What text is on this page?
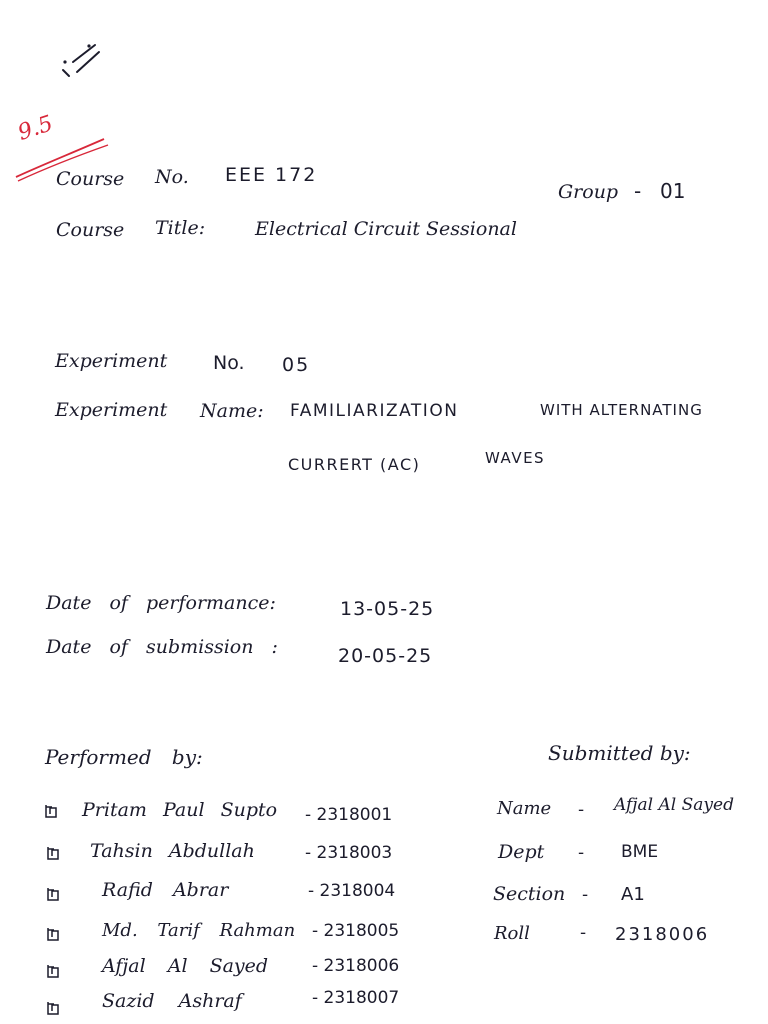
9.5
Course No. EEE 172
Group - 01
Course Title:	Electrical Circuit Sessional
Experiment No. 05
Experiment Name: FAMILIARIZATION	WITH ALTERNATING
CURRERT (AC)	WAVES
Date of performance:	13-05-25
Date of submission :	20-05-25
Performed by:
Pritam Paul Supto - 2318001
Tahsin Abdullah	- 2318003
Rafid Abrar	- 2318004
Md. Tarif Rahman - 2318005
Afjal Al Sayed	- 2318006
Sazid Ashraf	- 2318007
Submitted by:
Name - Afjal Al Sayed
Dept - BME
Section - A1
Roll	- 2318006
